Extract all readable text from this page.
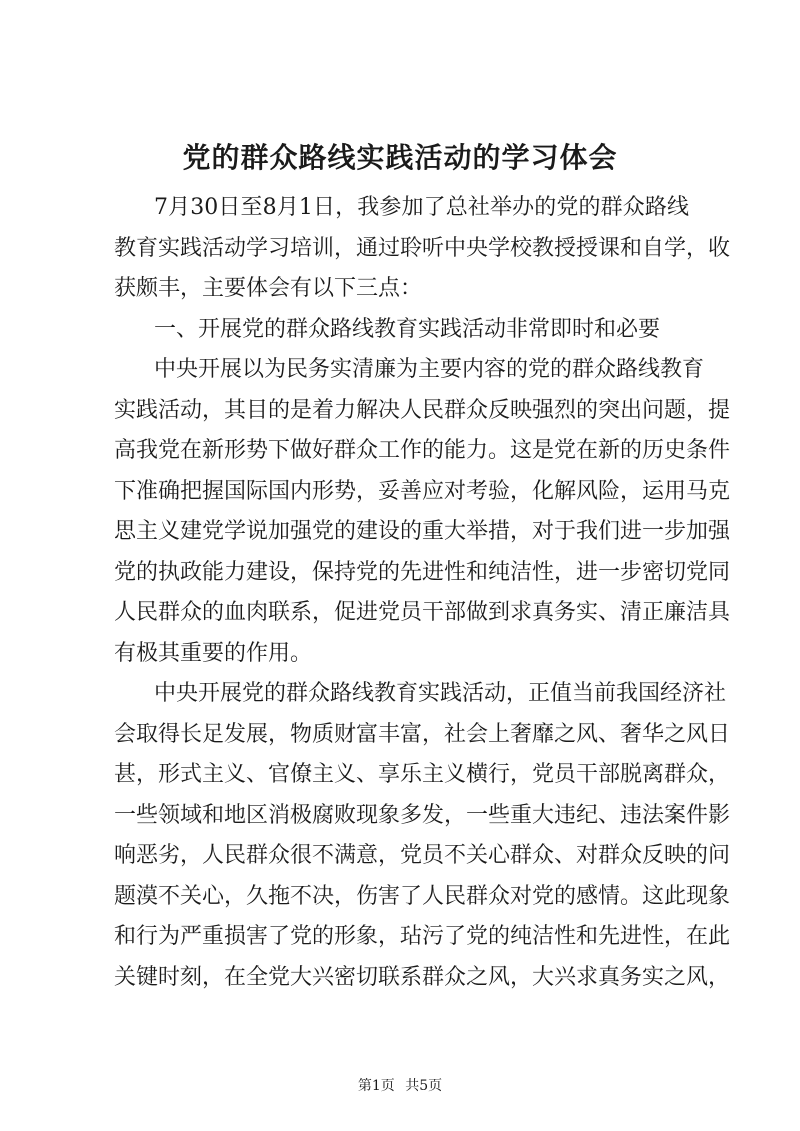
党的群众路线实践活动的学习体会
7月30日至8月1日，我参加了总社举办的党的群众路线
教育实践活动学习培训，通过聆听中央学校教授授课和自学，收
获颇丰，主要体会有以下三点：
一、开展党的群众路线教育实践活动非常即时和必要
中央开展以为民务实清廉为主要内容的党的群众路线教育
实践活动，其目的是着力解决人民群众反映强烈的突出问题，提
高我党在新形势下做好群众工作的能力。这是党在新的历史条件
下准确把握国际国内形势，妥善应对考验，化解风险，运用马克
思主义建党学说加强党的建设的重大举措，对于我们进一步加强
党的执政能力建设，保持党的先进性和纯洁性，进一步密切党同
人民群众的血肉联系，促进党员干部做到求真务实、清正廉洁具
有极其重要的作用。
中央开展党的群众路线教育实践活动，正值当前我国经济社
会取得长足发展，物质财富丰富，社会上奢靡之风、奢华之风日
甚，形式主义、官僚主义、享乐主义横行，党员干部脱离群众，
一些领域和地区消极腐败现象多发，一些重大违纪、违法案件影
响恶劣，人民群众很不满意，党员不关心群众、对群众反映的问
题漠不关心，久拖不决，伤害了人民群众对党的感情。这此现象
和行为严重损害了党的形象，玷污了党的纯洁性和先进性，在此
关键时刻，在全党大兴密切联系群众之风，大兴求真务实之风，
第1页 共5页
